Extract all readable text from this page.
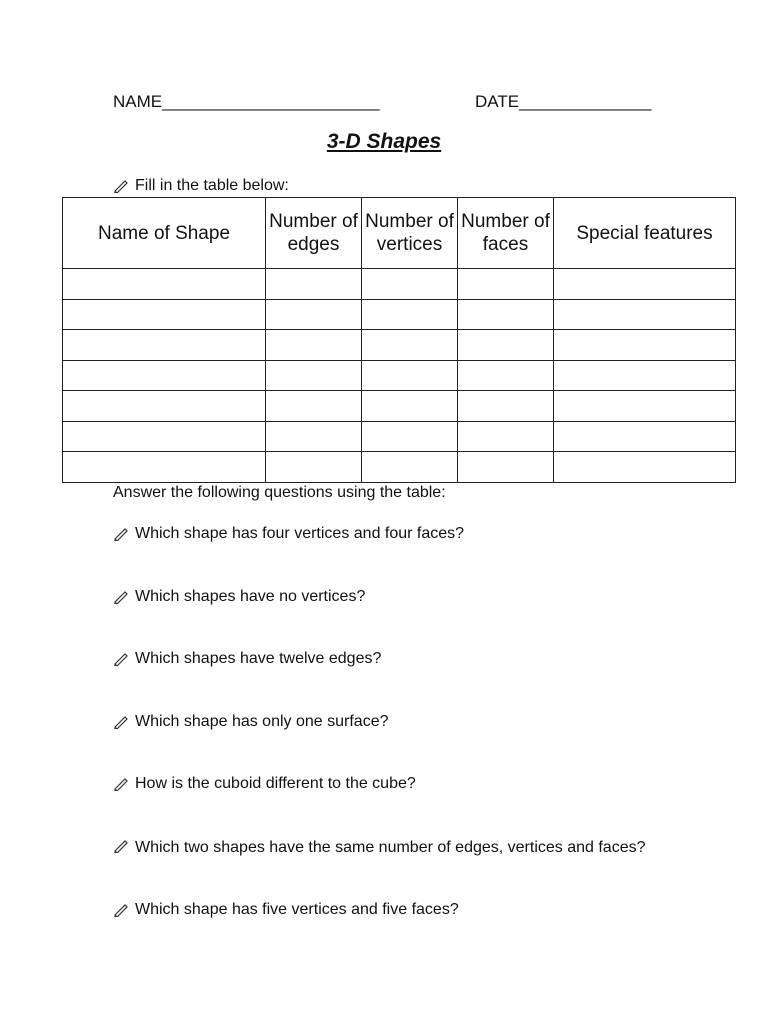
NAME_______________________	DATE______________
3-D Shapes
Fill in the table below:
Name of Shape	Number of edges	Number of vertices	Number of faces	Special features

Answer the following questions using the table:
Which shape has four vertices and four faces?
Which shapes have no vertices?
Which shapes have twelve edges?
Which shape has only one surface?
How is the cuboid different to the cube?
Which two shapes have the same number of edges, vertices and faces?
Which shape has five vertices and five faces?
